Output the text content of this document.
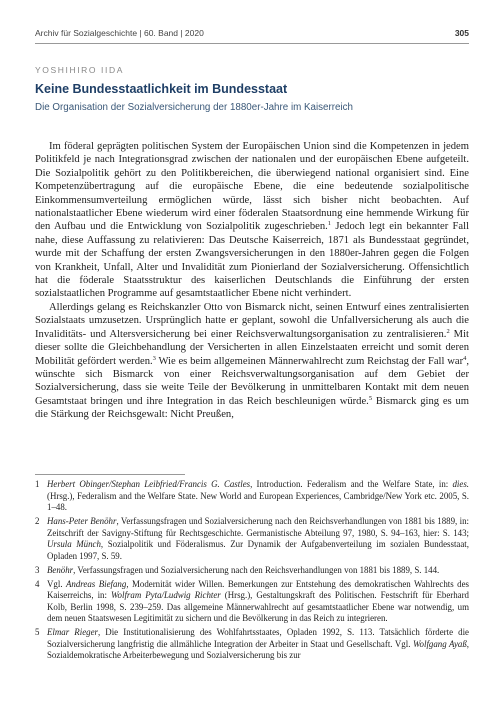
Archiv für Sozialgeschichte | 60. Band | 2020	305
YOSHIHIRO IIDA
Keine Bundesstaatlichkeit im Bundesstaat
Die Organisation der Sozialversicherung der 1880er-Jahre im Kaiserreich

Im föderal geprägten politischen System der Europäischen Union sind die Kompetenzen in jedem Politikfeld je nach Integrationsgrad zwischen der nationalen und der europäischen Ebene aufgeteilt. Die Sozialpolitik gehört zu den Politikbereichen, die überwiegend national organisiert sind. Eine Kompetenzübertragung auf die europäische Ebene, die eine bedeutende sozialpolitische Einkommensumverteilung ermöglichen würde, lässt sich bisher nicht beobachten. Auf nationalstaatlicher Ebene wiederum wird einer föderalen Staatsordnung eine hemmende Wirkung für den Aufbau und die Entwicklung von Sozialpolitik zugeschrieben.$^1$ Jedoch legt ein bekannter Fall nahe, diese Auffassung zu relativieren: Das Deutsche Kaiserreich, 1871 als Bundesstaat gegründet, wurde mit der Schaffung der ersten Zwangsversicherungen in den 1880er-Jahren gegen die Folgen von Krankheit, Unfall, Alter und Invalidität zum Pionierland der Sozialversicherung. Offensichtlich hat die föderale Staatsstruktur des kaiserlichen Deutschlands die Einführung der ersten sozialstaatlichen Programme auf gesamtstaatlicher Ebene nicht verhindert.

Allerdings gelang es Reichskanzler Otto von Bismarck nicht, seinen Entwurf eines zentralisierten Sozialstaats umzusetzen. Ursprünglich hatte er geplant, sowohl die Unfallversicherung als auch die Invaliditäts- und Altersversicherung bei einer Reichsverwaltungsorganisation zu zentralisieren.$^2$ Mit dieser sollte die Gleichbehandlung der Versicherten in allen Einzelstaaten erreicht und somit deren Mobilität gefördert werden.$^3$ Wie es beim allgemeinen Männerwahlrecht zum Reichstag der Fall war$^4$, wünschte sich Bismarck von einer Reichsverwaltungsorganisation auf dem Gebiet der Sozialversicherung, dass sie weite Teile der Bevölkerung in unmittelbaren Kontakt mit dem neuen Gesamtstaat bringen und ihre Integration in das Reich beschleunigen würde.$^5$ Bismarck ging es um die Stärkung der Reichsgewalt: Nicht Preußen,

1 Herbert Obinger/Stephan Leibfried/Francis G. Castles, Introduction. Federalism and the Welfare State, in: dies. (Hrsg.), Federalism and the Welfare State. New World and European Experiences, Cambridge/New York etc. 2005, S. 1–48.
2 Hans-Peter Benöhr, Verfassungsfragen und Sozialversicherung nach den Reichsverhandlungen von 1881 bis 1889, in: Zeitschrift der Savigny-Stiftung für Rechtsgeschichte. Germanistische Abteilung 97, 1980, S. 94–163, hier: S. 143; Ursula Münch, Sozialpolitik und Föderalismus. Zur Dynamik der Aufgabenverteilung im sozialen Bundesstaat, Opladen 1997, S. 59.
3 Benöhr, Verfassungsfragen und Sozialversicherung nach den Reichsverhandlungen von 1881 bis 1889, S. 144.
4 Vgl. Andreas Biefang, Modernität wider Willen. Bemerkungen zur Entstehung des demokratischen Wahlrechts des Kaiserreichs, in: Wolfram Pyta/Ludwig Richter (Hrsg.), Gestaltungskraft des Politischen. Festschrift für Eberhard Kolb, Berlin 1998, S. 239–259. Das allgemeine Männerwahlrecht auf gesamtstaatlicher Ebene war notwendig, um dem neuen Staatswesen Legitimität zu sichern und die Bevölkerung in das Reich zu integrieren.
5 Elmar Rieger, Die Institutionalisierung des Wohlfahrtsstaates, Opladen 1992, S. 113. Tatsächlich förderte die Sozialversicherung langfristig die allmähliche Integration der Arbeiter in Staat und Gesellschaft. Vgl. Wolfgang Ayaß, Sozialdemokratische Arbeiterbewegung und Sozialversicherung bis zur
